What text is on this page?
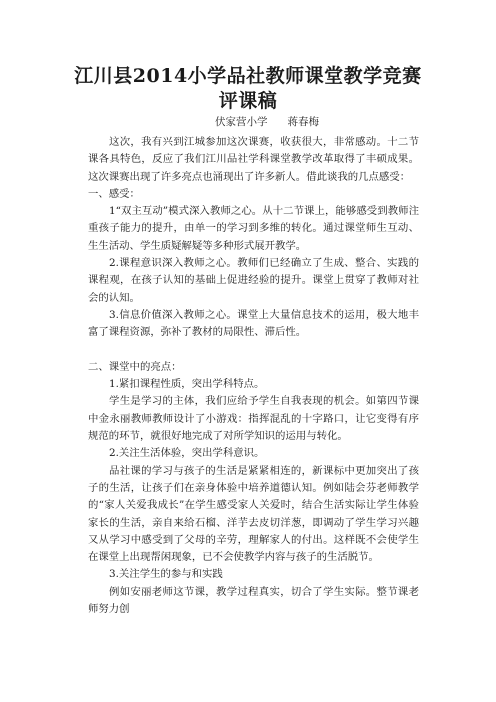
江川县2014小学品社教师课堂教学竞赛
评课稿
伏家营小学      蒋春梅

这次，我有兴到江城参加这次课赛，收获很大，非常感动。十二节课各具特色，反应了我们江川品社学科课堂教学改革取得了丰硕成果。这次课赛出现了许多亮点也涌现出了许多新人。借此谈我的几点感受：

一、感受：

1“双主互动”模式深入教师之心。从十二节课上，能够感受到教师注重孩子能力的提升，由单一的学习到多维的转化。通过课堂师生互动、生生活动、学生质疑解疑等多种形式展开教学。

2.课程意识深入教师之心。教师们已经确立了生成、整合、实践的课程观，在孩子认知的基础上促进经验的提升。课堂上贯穿了教师对社会的认知。

3.信息价值深入教师之心。课堂上大量信息技术的运用，极大地丰富了课程资源，弥补了教材的局限性、滞后性。

二、课堂中的亮点：

1.紧扣课程性质，突出学科特点。

学生是学习的主体，我们应给予学生自我表现的机会。如第四节课中金永丽教师教师设计了小游戏：指挥混乱的十字路口，让它变得有序规范的环节，就很好地完成了对所学知识的运用与转化。

2.关注生活体验，突出学科意识。

品社课的学习与孩子的生活是紧紧相连的，新课标中更加突出了孩子的生活，让孩子们在亲身体验中培养道德认知。例如陆会芬老师教学的“家人关爱我成长”在学生感受家人关爱时，结合生活实际让学生体验家长的生活，亲自来给石榴、洋芋去皮切洋葱，即调动了学生学习兴趣又从学习中感受到了父母的辛劳，理解家人的付出。这样既不会使学生在课堂上出现帮闲现象，已不会使教学内容与孩子的生活脱节。

3.关注学生的参与和实践

例如安丽老师这节课，教学过程真实，切合了学生实际。整节课老师努力创
